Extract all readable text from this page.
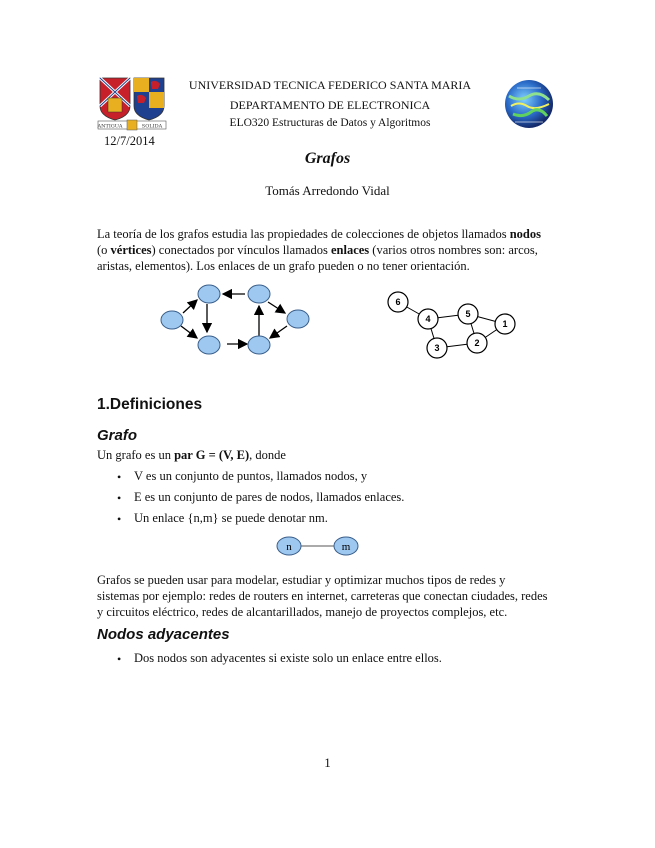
ANTIGUA	SOLIDA
UNIVERSIDAD TECNICA FEDERICO SANTA MARIA
DEPARTAMENTO DE ELECTRONICA
ELO320 Estructuras de Datos y Algoritmos
12/7/2014
Grafos
Tomás Arredondo Vidal
La teoría de los grafos estudia las propiedades de colecciones de objetos llamados nodos
(o vértices) conectados por vínculos llamados enlaces (varios otros nombres son: arcos,
aristas, elementos). Los enlaces de un grafo pueden o no tener orientación.
6
4	5
1
3	2
1.Definiciones
Grafo
Un grafo es un par G = (V, E), donde
• V es un conjunto de puntos, llamados nodos, y
• E es un conjunto de pares de nodos, llamados enlaces.
• Un enlace {n,m} se puede denotar nm.
n	m
Grafos se pueden usar para modelar, estudiar y optimizar muchos tipos de redes y
sistemas por ejemplo: redes de routers en internet, carreteras que conectan ciudades, redes
y circuitos eléctrico, redes de alcantarillados, manejo de proyectos complejos, etc.
Nodos adyacentes
• Dos nodos son adyacentes si existe solo un enlace entre ellos.
1
